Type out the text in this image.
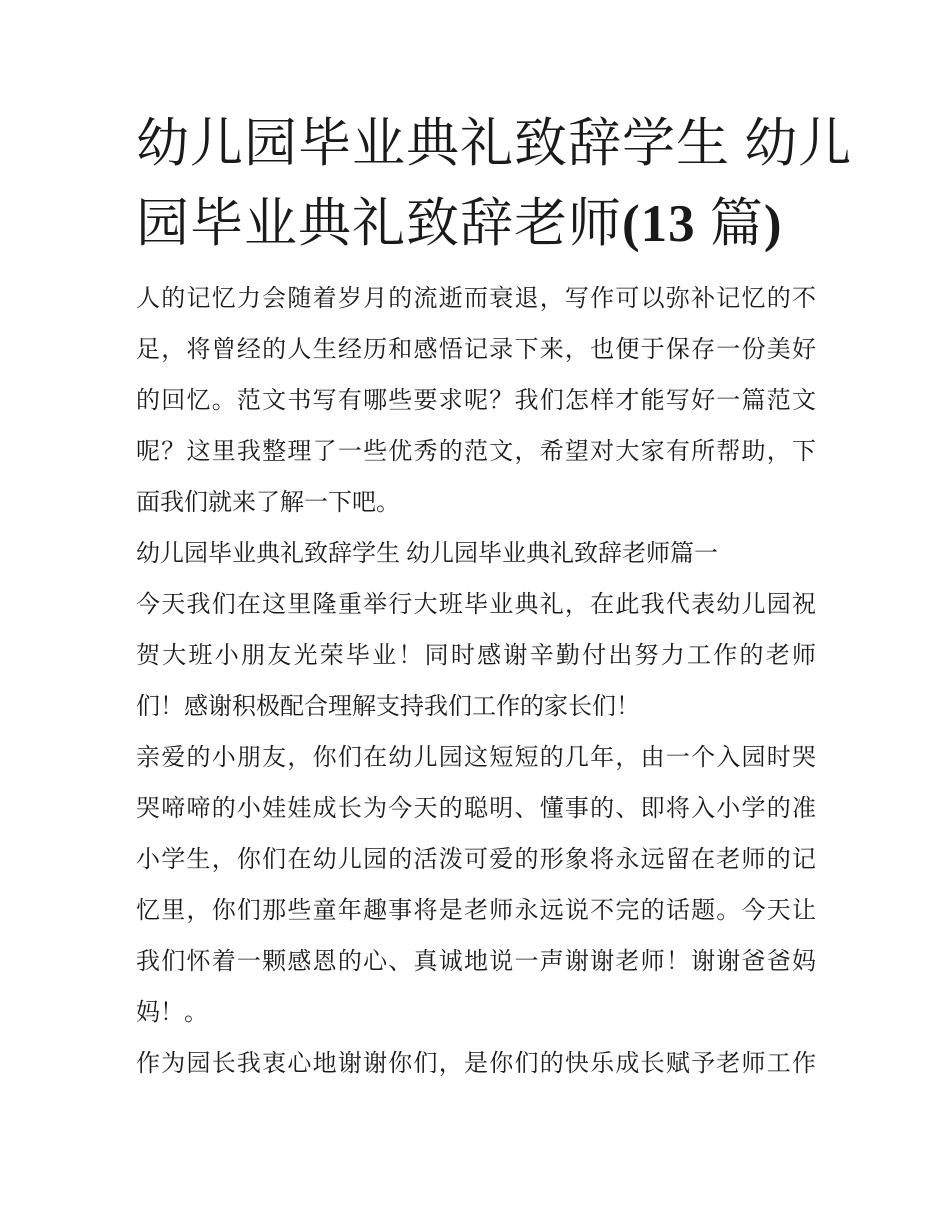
幼儿园毕业典礼致辞学生 幼儿
园毕业典礼致辞老师(13 篇)
人的记忆力会随着岁月的流逝而衰退，写作可以弥补记忆的不
足，将曾经的人生经历和感悟记录下来，也便于保存一份美好
的回忆。范文书写有哪些要求呢？我们怎样才能写好一篇范文
呢？这里我整理了一些优秀的范文，希望对大家有所帮助，下
面我们就来了解一下吧。
幼儿园毕业典礼致辞学生 幼儿园毕业典礼致辞老师篇一
今天我们在这里隆重举行大班毕业典礼，在此我代表幼儿园祝
贺大班小朋友光荣毕业！同时感谢辛勤付出努力工作的老师
们！感谢积极配合理解支持我们工作的家长们！
亲爱的小朋友，你们在幼儿园这短短的几年，由一个入园时哭
哭啼啼的小娃娃成长为今天的聪明、懂事的、即将入小学的准
小学生，你们在幼儿园的活泼可爱的形象将永远留在老师的记
忆里，你们那些童年趣事将是老师永远说不完的话题。今天让
我们怀着一颗感恩的心、真诚地说一声谢谢老师！谢谢爸爸妈
妈！。
作为园长我衷心地谢谢你们，是你们的快乐成长赋予老师工作
